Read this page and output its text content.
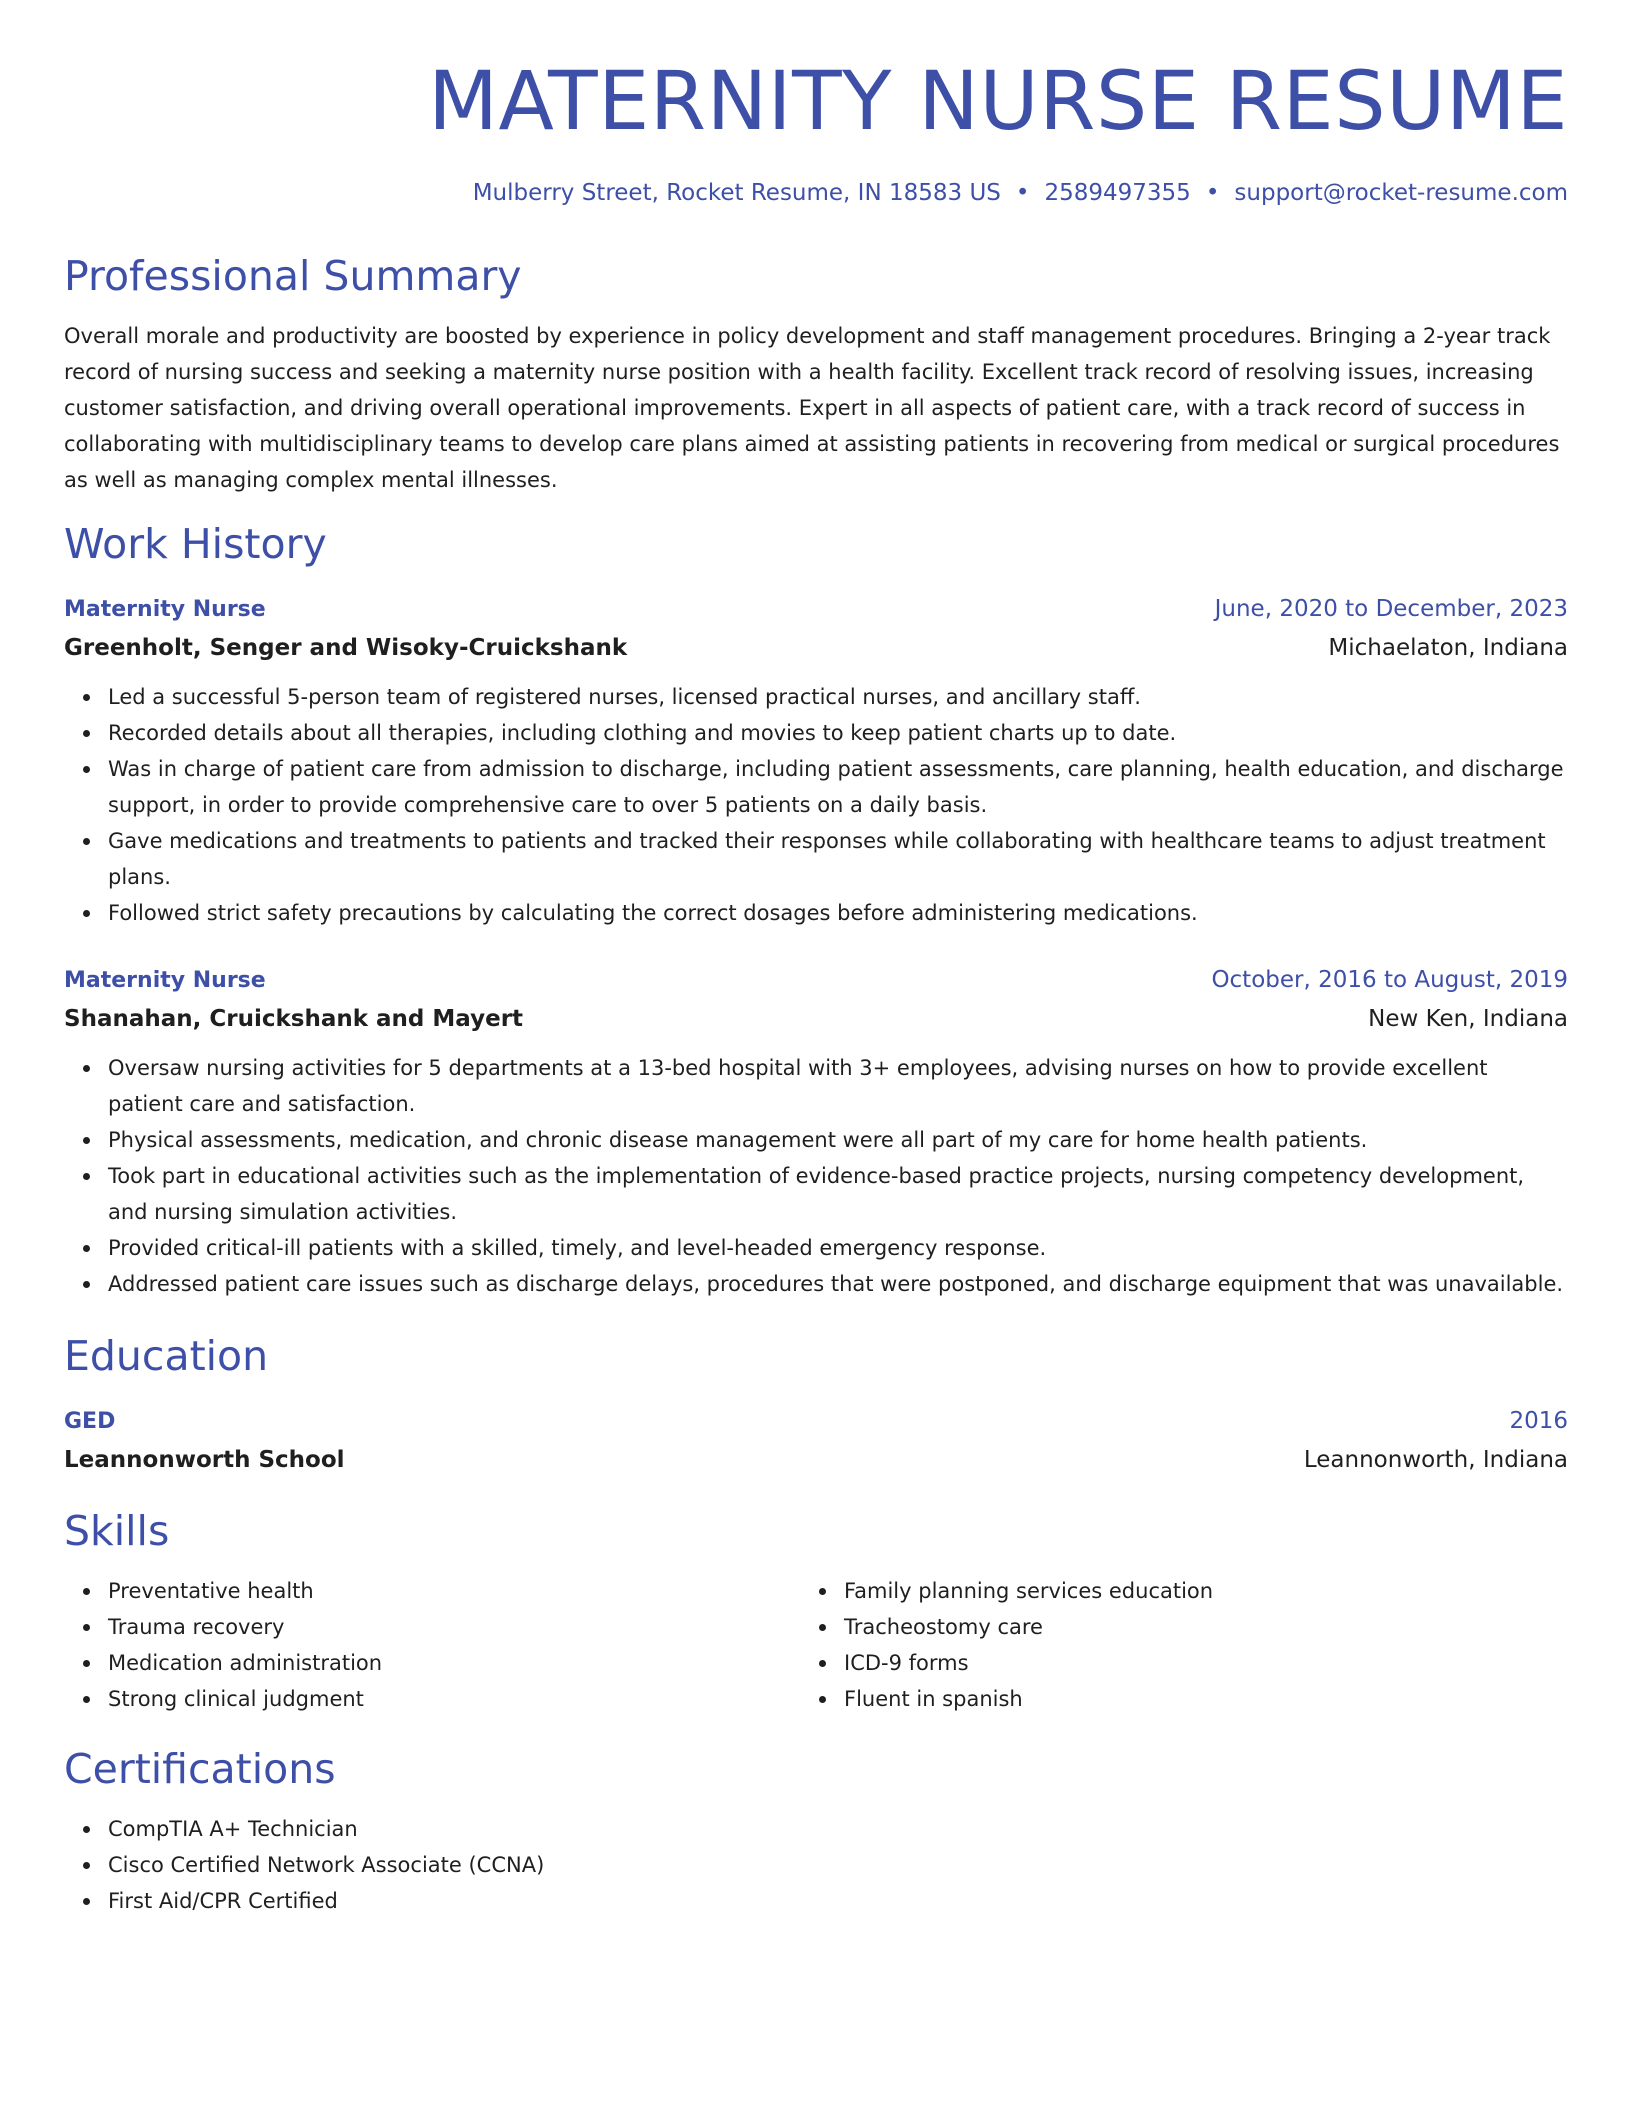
MATERNITY NURSE RESUME
Mulberry Street, Rocket Resume, IN 18583 US • 2589497355 • support@rocket-resume.com
Professional Summary
Overall morale and productivity are boosted by experience in policy development and staff management procedures. Bringing a 2-year track record of nursing success and seeking a maternity nurse position with a health facility. Excellent track record of resolving issues, increasing customer satisfaction, and driving overall operational improvements. Expert in all aspects of patient care, with a track record of success in collaborating with multidisciplinary teams to develop care plans aimed at assisting patients in recovering from medical or surgical procedures as well as managing complex mental illnesses.
Work History
Maternity Nurse	June, 2020 to December, 2023
Greenholt, Senger and Wisoky-Cruickshank	Michaelaton, Indiana
Led a successful 5-person team of registered nurses, licensed practical nurses, and ancillary staff.
Recorded details about all therapies, including clothing and movies to keep patient charts up to date.
Was in charge of patient care from admission to discharge, including patient assessments, care planning, health education, and discharge support, in order to provide comprehensive care to over 5 patients on a daily basis.
Gave medications and treatments to patients and tracked their responses while collaborating with healthcare teams to adjust treatment plans.
Followed strict safety precautions by calculating the correct dosages before administering medications.
Maternity Nurse	October, 2016 to August, 2019
Shanahan, Cruickshank and Mayert	New Ken, Indiana
Oversaw nursing activities for 5 departments at a 13-bed hospital with 3+ employees, advising nurses on how to provide excellent patient care and satisfaction.
Physical assessments, medication, and chronic disease management were all part of my care for home health patients.
Took part in educational activities such as the implementation of evidence-based practice projects, nursing competency development, and nursing simulation activities.
Provided critical-ill patients with a skilled, timely, and level-headed emergency response.
Addressed patient care issues such as discharge delays, procedures that were postponed, and discharge equipment that was unavailable.
Education
GED	2016
Leannonworth School	Leannonworth, Indiana
Skills
Preventative health
Trauma recovery
Medication administration
Strong clinical judgment
Family planning services education
Tracheostomy care
ICD-9 forms
Fluent in spanish
Certifications
CompTIA A+ Technician
Cisco Certified Network Associate (CCNA)
First Aid/CPR Certified
